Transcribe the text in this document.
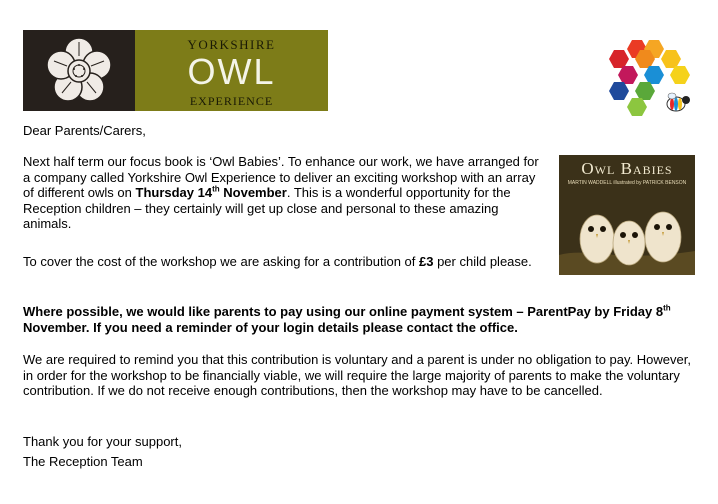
YORKSHIRE
OWL
EXPERIENCE
Owl Babies
MARTIN WADDELL illustrated by PATRICK BENSON
Dear Parents/Carers,
Next half term our focus book is ‘Owl Babies’. To enhance our work, we have arranged for a company called Yorkshire Owl Experience to deliver an exciting workshop with an array of different owls on Thursday 14th November. This is a wonderful opportunity for the Reception children – they certainly will get up close and personal to these amazing animals.
To cover the cost of the workshop we are asking for a contribution of £3 per child please.
Where possible, we would like parents to pay using our online payment system – ParentPay by Friday 8th November. If you need a reminder of your login details please contact the office.
We are required to remind you that this contribution is voluntary and a parent is under no obligation to pay. However, in order for the workshop to be financially viable, we will require the large majority of parents to make the voluntary contribution. If we do not receive enough contributions, then the workshop may have to be cancelled.
Thank you for your support,
The Reception Team
